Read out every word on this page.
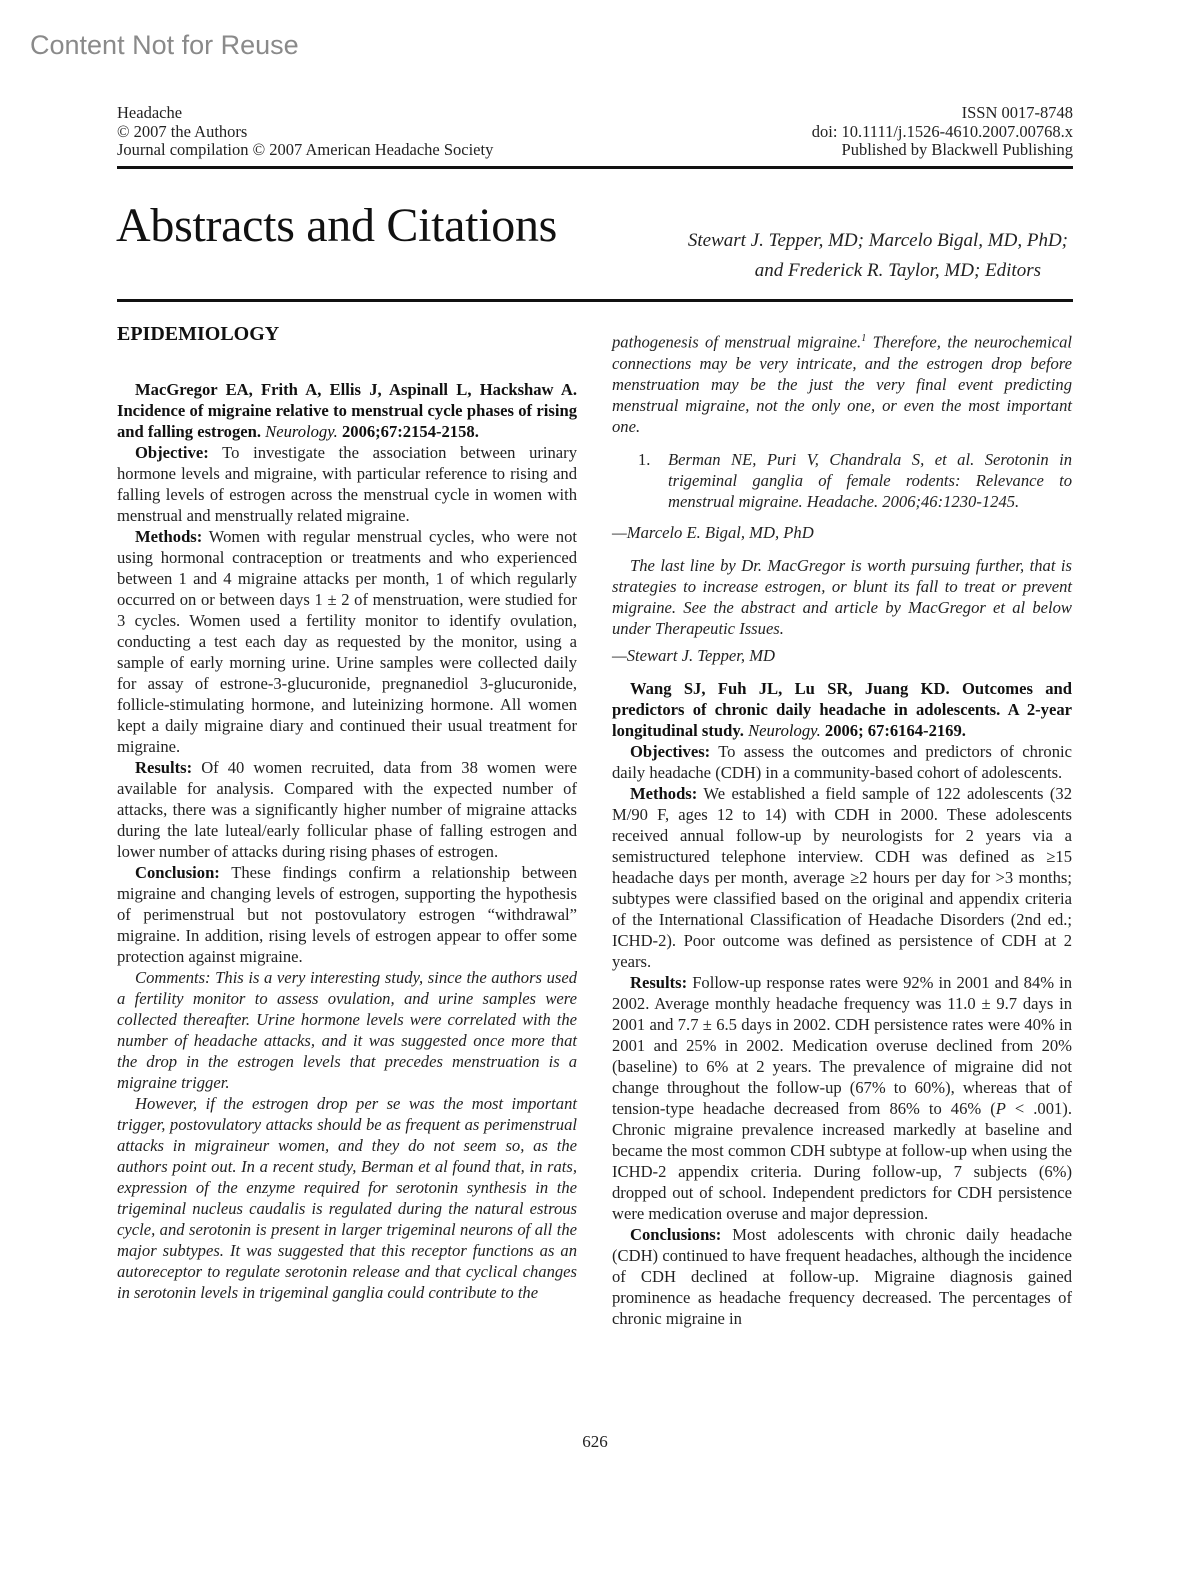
Content Not for Reuse
Headache
© 2007 the Authors
Journal compilation © 2007 American Headache Society
ISSN 0017-8748
doi: 10.1111/j.1526-4610.2007.00768.x
Published by Blackwell Publishing
Abstracts and Citations	Stewart J. Tepper, MD; Marcelo Bigal, MD, PhD;
and Frederick R. Taylor, MD; Editors
EPIDEMIOLOGY

MacGregor EA, Frith A, Ellis J, Aspinall L, Hackshaw A. Incidence of migraine relative to menstrual cycle phases of rising and falling estrogen. Neurology. 2006;67:2154-2158.

Objective: To investigate the association between urinary hormone levels and migraine, with particular reference to rising and falling levels of estrogen across the menstrual cycle in women with menstrual and menstrually related migraine.

Methods: Women with regular menstrual cycles, who were not using hormonal contraception or treatments and who experienced between 1 and 4 migraine attacks per month, 1 of which regularly occurred on or between days 1 ± 2 of menstruation, were studied for 3 cycles. Women used a fertility monitor to identify ovulation, conducting a test each day as requested by the monitor, using a sample of early morning urine. Urine samples were collected daily for assay of estrone-3-glucuronide, pregnanediol 3-glucuronide, follicle-stimulating hormone, and luteinizing hormone. All women kept a daily migraine diary and continued their usual treatment for migraine.

Results: Of 40 women recruited, data from 38 women were available for analysis. Compared with the expected number of attacks, there was a significantly higher number of migraine attacks during the late luteal/early follicular phase of falling estrogen and lower number of attacks during rising phases of estrogen.

Conclusion: These findings confirm a relationship between migraine and changing levels of estrogen, supporting the hypothesis of perimenstrual but not postovulatory estrogen “withdrawal” migraine. In addition, rising levels of estrogen appear to offer some protection against migraine.

Comments: This is a very interesting study, since the authors used a fertility monitor to assess ovulation, and urine samples were collected thereafter. Urine hormone levels were correlated with the number of headache attacks, and it was suggested once more that the drop in the estrogen levels that precedes menstruation is a migraine trigger.

However, if the estrogen drop per se was the most important trigger, postovulatory attacks should be as frequent as perimenstrual attacks in migraineur women, and they do not seem so, as the authors point out. In a recent study, Berman et al found that, in rats, expression of the enzyme required for serotonin synthesis in the trigeminal nucleus caudalis is regulated during the natural estrous cycle, and serotonin is present in larger trigeminal neurons of all the major subtypes. It was suggested that this receptor functions as an autoreceptor to regulate serotonin release and that cyclical changes in serotonin levels in trigeminal ganglia could contribute to the

pathogenesis of menstrual migraine.$^1$ Therefore, the neurochemical connections may be very intricate, and the estrogen drop before menstruation may be the just the very final event predicting menstrual migraine, not the only one, or even the most important one.

1. Berman NE, Puri V, Chandrala S, et al. Serotonin in trigeminal ganglia of female rodents: Relevance to menstrual migraine. Headache. 2006;46:1230-1245.

—Marcelo E. Bigal, MD, PhD

The last line by Dr. MacGregor is worth pursuing further, that is strategies to increase estrogen, or blunt its fall to treat or prevent migraine. See the abstract and article by MacGregor et al below under Therapeutic Issues.

—Stewart J. Tepper, MD

Wang SJ, Fuh JL, Lu SR, Juang KD. Outcomes and predictors of chronic daily headache in adolescents. A 2-year longitudinal study. Neurology. 2006; 67:6164-2169.

Objectives: To assess the outcomes and predictors of chronic daily headache (CDH) in a community-based cohort of adolescents.

Methods: We established a field sample of 122 adolescents (32 M/90 F, ages 12 to 14) with CDH in 2000. These adolescents received annual follow-up by neurologists for 2 years via a semistructured telephone interview. CDH was defined as ≥15 headache days per month, average ≥2 hours per day for >3 months; subtypes were classified based on the original and appendix criteria of the International Classification of Headache Disorders (2nd ed.; ICHD-2). Poor outcome was defined as persistence of CDH at 2 years.

Results: Follow-up response rates were 92% in 2001 and 84% in 2002. Average monthly headache frequency was 11.0 ± 9.7 days in 2001 and 7.7 ± 6.5 days in 2002. CDH persistence rates were 40% in 2001 and 25% in 2002. Medication overuse declined from 20% (baseline) to 6% at 2 years. The prevalence of migraine did not change throughout the follow-up (67% to 60%), whereas that of tension-type headache decreased from 86% to 46% (P < .001). Chronic migraine prevalence increased markedly at baseline and became the most common CDH subtype at follow-up when using the ICHD-2 appendix criteria. During follow-up, 7 subjects (6%) dropped out of school. Independent predictors for CDH persistence were medication overuse and major depression.

Conclusions: Most adolescents with chronic daily headache (CDH) continued to have frequent headaches, although the incidence of CDH declined at follow-up. Migraine diagnosis gained prominence as headache frequency decreased. The percentages of chronic migraine in

626
